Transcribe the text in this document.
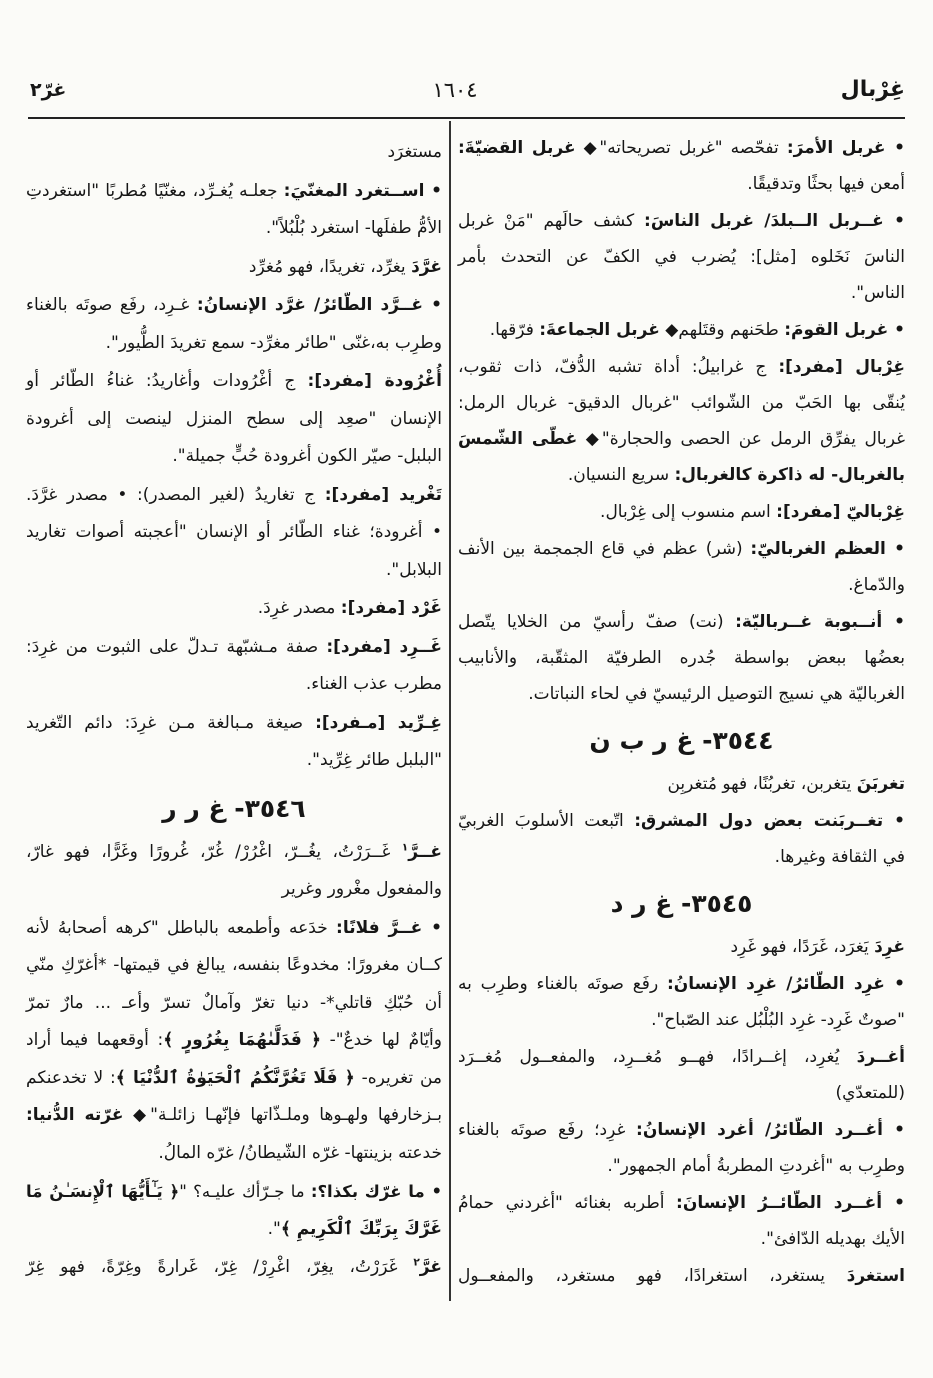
غِرْبال
١٦٠٤
غرّ٢
• غربل الأمرَ: تفحّصه "غربل تصريحاته"◆ غربل القضيّةَ:
أمعن فيها بحثًا وتدقيقًا.
• غــربل الــبلدَ/ غربل الناسَ: كشف حالَهم "مَنْ غربل
الناسَ نَخَلوه [مثل]: يُضرب في الكفّ عن التحدث بأمر
الناس".
• غربل القومَ: طحَنهم وقتَلهم◆ غربل الجماعةَ: فرّقها.
غِرْبال [مفرد]: ج غرابيلُ: أداة تشبه الدُّفّ، ذات ثقوب،
يُنقّى بها الحَبّ من الشّوائب "غربال الدقيق- غربال الرمل:
غربال يفرِّق الرمل عن الحصى والحجارة"◆ غطّى الشّمسَ
بالغربال- له ذاكرة كالغربال: سريع النسيان.
غِرْباليّ [مفرد]: اسم منسوب إلى غِرْبال.
• العظم الغرباليّ: (شر) عظم في قاع الجمجمة بين الأنف
والدّماغ.
• أنــبوبة غــرباليّة: (نت) صفّ رأسيّ من الخلايا يتّصل
بعضُها ببعض بواسطة جُدره الطرفيّة المثقّبة، والأنابيب
الغرباليّة هي نسيج التوصيل الرئيسيّ في لحاء النباتات.
٣٥٤٤- غ ر ب ن
تغربَنَ يتغربن، تغربُنًا، فهو مُتغربِن
• تغــربَنت بعض دول المشرق: اتّبعت الأسلوبَ الغربيّ
في الثقافة وغيرها.
٣٥٤٥- غ ر د
غرِدَ يَغرَد، غَرَدًا، فهو غَرِد
• غرِد الطّائرُ/ غرِد الإنسانُ: رفَع صوتَه بالغناء وطرِب به
"صوتٌ غَرِد- غرِد البُلْبُل عند الصّباح".
أغــردَ يُغرِد، إغــرادًا، فهــو مُغــرِد، والمفعــول مُغــرَد
(للمتعدّي)
• أغــرد الطّائرُ/ أغرد الإنسانُ: غرِد؛ رفَع صوتَه بالغناء
وطرِب به "أغردتِ المطربةُ أمام الجمهور".
• أغــرد الطّائــرُ الإنسانَ: أطربه بغنائه "أغردني حمامُ
الأيك بهديله الدّافئ".
استغردَ يستغرد، استغرادًا، فهو مستغرد، والمفعــول
مستغرَد
• اســتغرد المغنّيَ: جعلـه يُغـرِّد، مغنّيًا مُطربًا "استغردتِ
الأمُّ طفلَها- استغرد بُلْبُلاً".
غرَّدَ يغرِّد، تغريدًا، فهو مُغرِّد
• غــرَّد الطّائرُ/ غرَّد الإنسانُ: غـرِد، رفَع صوتَه بالغناء
وطرِب به،غنّى "طائر مغرِّد- سمع تغريدَ الطُّيور".
أُغْرُودة [مفرد]: ج أغْرُودات وأغاريدُ: غناءُ الطّائر أو
الإنسان "صعِد إلى سطح المنزل لينصت إلى أغرودة
البلبل- صيّر الكون أغرودة حُبٍّ جميلة".
تَغْريد [مفرد]: ج تغاريدُ (لغير المصدر): • مصدر غرَّدَ.
• أغرودة؛ غناء الطّائر أو الإنسان "أعجبته أصوات تغاريد
البلابل".
غَرْد [مفرد]: مصدر غرِدَ.
غَــرِد [مفرد]: صفة مـشبّهة تـدلّ على الثبوت من غرِدَ:
مطرب عذب الغناء.
غِـرِّيد [مـفرد]: صيغة مـبالغة مـن غرِدَ: دائم التّغريد
"البلبل طائر غِرِّيد".
٣٥٤٦- غ ر ر
غــرَّ$^١$ غَــرَرْتُ، يغُــرّ، اغْرُرْ/ غُرّ، غُرورًا وغَرًّا، فهو غارّ،
والمفعول مغْرور وغرير
• غــرَّ فلانًا: خدَعه وأطمعه بالباطل "كرهه أصحابهُ لأنه
كــان مغرورًا: مخدوعًا بنفسه، يبالغ في قيمتها- *أغرّكِ منّي
أن حُبّكِ قاتلي*- دنيا تغرّ وآمالٌ تسرّ وأعـ ... مارٌ تمرّ
وأيّامٌ لها خدعٌ"- ﴿ فَدَلَّىٰهُمَا بِغُرُورٍ ﴾: أوقعهما فيما أراد
من تغريره- ﴿ فَلَا تَغُرَّنَّكُمُ ٱلْحَيَوٰةُ ٱلدُّنْيَا ﴾: لا تخدعنكم
بـزخارفها ولهـوها وملـذّاتها فإنّهـا زائلـة"◆ غرّته الدُّنيا:
خدعته بزينتها- غرّه الشّيطانُ/ غرّه المالُ.
• ما غرّك بكذا؟: ما جـرّأك عليـه؟ "﴿ يَـٰٓأَيُّهَا ٱلْإِنسَـٰنُ مَا
غَرَّكَ بِرَبِّكَ ٱلْكَرِيمِ ﴾".
غرَّ$^٢$ غَرَرْتُ، يغِرّ، اغْرِرْ/ غِرّ، غَرارةً وغِرّةً، فهو غِرّ
